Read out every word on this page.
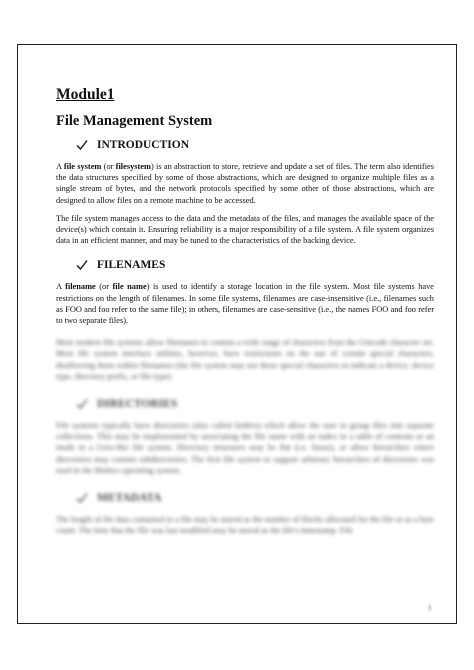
Module1
File Management System
INTRODUCTION

A file system (or filesystem) is an abstraction to store, retrieve and update a set of files. The term also identifies the data structures specified by some of those abstractions, which are designed to organize multiple files as a single stream of bytes, and the network protocols specified by some other of those abstractions, which are designed to allow files on a remote machine to be accessed.

The file system manages access to the data and the metadata of the files, and manages the available space of the device(s) which contain it. Ensuring reliability is a major responsibility of a file system. A file system organizes data in an efficient manner, and may be tuned to the characteristics of the backing device.

FILENAMES

A filename (or file name) is used to identify a storage location in the file system. Most file systems have restrictions on the length of filenames. In some file systems, filenames are case-insensitive (i.e., filenames such as FOO and foo refer to the same file); in others, filenames are case-sensitive (i.e., the names FOO and foo refer to two separate files).

Most modern file systems allow filenames to contain a wide range of characters from the Unicode character set. Most file system interface utilities, however, have restrictions on the use of certain special characters, disallowing them within filenames (the file system may use these special characters to indicate a device, device type, directory prefix, or file type).

DIRECTORIES

File systems typically have directories (also called folders) which allow the user to group files into separate collections. This may be implemented by associating the file name with an index in a table of contents or an inode in a Unix-like file system. Directory structures may be flat (i.e. linear), or allow hierarchies where directories may contain subdirectories. The first file system to support arbitrary hierarchies of directories was used in the Multics operating system.

METADATA

The length of the data contained in a file may be stored as the number of blocks allocated for the file or as a byte count. The time that the file was last modified may be stored as the file's timestamp. File

1
